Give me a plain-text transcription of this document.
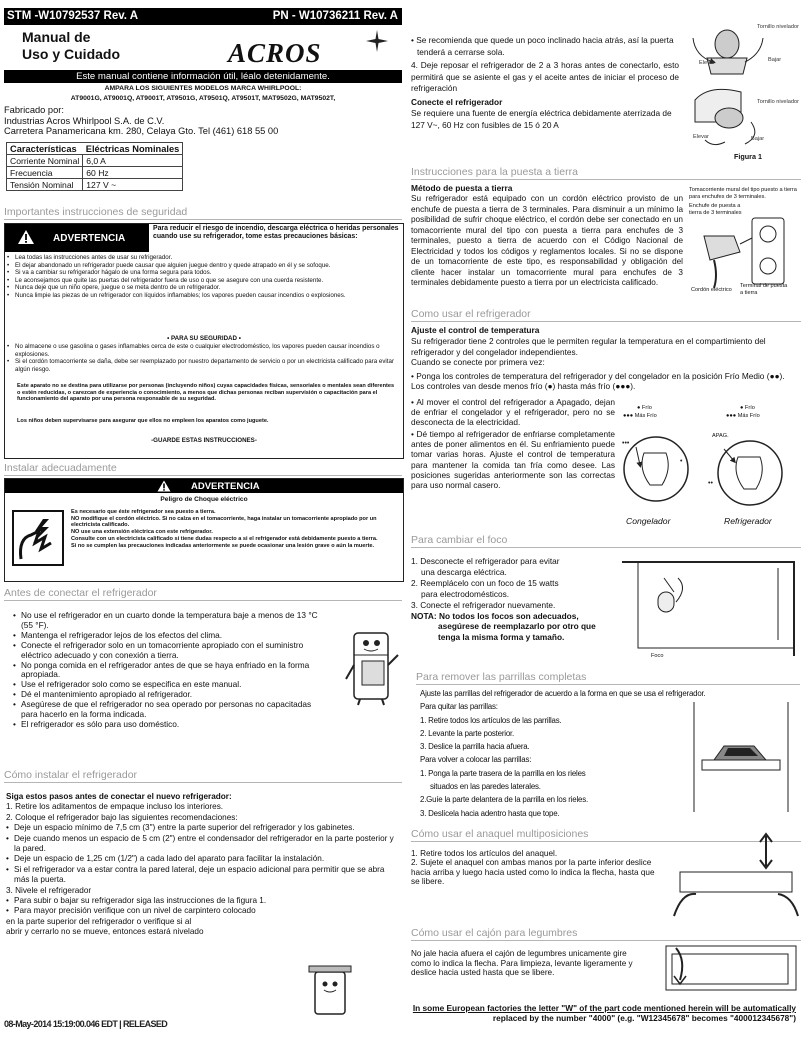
STM -W10792537 Rev. A	PN - W10736211 Rev. A
Manual de
Uso y Cuidado	ACROS
Este manual contiene información útil, léalo detenidamente.
AMPARA LOS SIGUIENTES MODELOS MARCA WHIRLPOOL:
AT9001G, AT9001Q, AT9001T, AT9501G, AT9501Q, AT9501T, MAT9502G, MAT9502T,
Fabricado por:
Industrias Acros Whirlpool S.A. de C.V.
Carretera Panamericana km. 280, Celaya Gto. Tel (461) 618 55 00
Características	Eléctricas Nominales
Corriente Nominal	6,0 A
Frecuencia	60 Hz
Tensión Nominal	127 V ~
Importantes instrucciones de seguridad
ADVERTENCIA
Para reducir el riesgo de incendio, descarga eléctrica o heridas personales cuando use su refrigerador, tome estas precauciones básicas:
• Lea todas las instrucciones antes de usar su refrigerador.
• El dejar abandonado un refrigerador puede causar que alguien juegue dentro y quede atrapado en él y se sofoque.
• Si va a cambiar su refrigerador hágalo de una forma segura para todos.
• Le aconsejamos que quite las puertas del refrigerador fuera de uso o que se asegure con una cuerda resistente.
• Nunca deje que un niño opere, juegue o se meta dentro de un refrigerador.
• Nunca limpie las piezas de un refrigerador con líquidos inflamables; los vapores pueden causar incendios o explosiones.
• PARA SU SEGURIDAD •
• No almacene o use gasolina o gases inflamables cerca de este o cualquier electrodoméstico, los vapores pueden causar incendios o explosiones.
• Si el cordón tomacorriente se daña, debe ser reemplazado por nuestro departamento de servicio o por un electricista calificado para evitar algún riesgo.
Este aparato no se destina para utilizarse por personas (incluyendo niños) cuyas capacidades físicas, sensoriales o mentales sean diferentes o estén reducidas, o carezcan de experiencia o conocimiento, a menos que dichas personas reciban supervisión o capacitación para el funcionamiento del aparato por una persona responsable de su seguridad.
Los niños deben supervisarse para asegurar que ellos no empleen los aparatos como juguete.
-GUARDE ESTAS INSTRUCCIONES-
Instalar adecuadamente
ADVERTENCIA
Peligro de Choque eléctrico
Es necesario que éste refrigerador sea puesto a tierra.
NO modifique el cordón eléctrico. Si no calza en el tomacorriente, haga instalar un tomacorriente apropiado por un electricista calificado.
NO use una extensión eléctrica con este refrigerador.
Consulte con un electricista calificado si tiene dudas respecto a si el refrigerador está debidamente puesto a tierra.
Si no se cumplen las precauciones indicadas anteriormente se puede ocasionar una lesión grave o aún la muerte.
Antes de conectar el refrigerador
• No use el refrigerador en un cuarto donde la temperatura baje a menos de 13 °C (55 °F).
• Mantenga el refrigerador lejos de los efectos del clima.
• Conecte el refrigerador solo en un tomacorriente apropiado con el suministro eléctrico adecuado y con conexión a tierra.
• No ponga comida en el refrigerador antes de que se haya enfriado en la forma apropiada.
• Use el refrigerador solo como se especifica en este manual.
• Dé el mantenimiento apropiado al refrigerador.
• Asegúrese de que el refrigerador no sea operado por personas no capacitadas para hacerlo en la forma indicada.
• El refrigerador es sólo para uso doméstico.
Cómo instalar el refrigerador
Siga estos pasos antes de conectar el nuevo refrigerador:
1. Retire los aditamentos de empaque incluso los interiores.
2. Coloque el refrigerador bajo las siguientes recomendaciones:
• Deje un espacio mínimo de 7,5 cm (3") entre la parte superior del refrigerador y los gabinetes.
• Deje cuando menos un espacio de 5 cm (2") entre el condensador del refrigerador en la parte posterior y la pared.
• Deje un espacio de 1,25 cm (1/2") a cada lado del aparato para facilitar la instalación.
• Si el refrigerador va a estar contra la pared lateral, deje un espacio adicional para permitir que se abra más la puerta.
3. Nivele el refrigerador
• Para subir o bajar su refrigerador siga las instrucciones de la figura 1.
• Para mayor precisión verifique con un nivel de carpintero colocado
en la parte superior del refrigerador o verifique si al
abrir y cerrarlo no se mueve, entonces estará nivelado
• Se recomienda que quede un poco inclinado hacia atrás, así la puerta
tenderá a cerrarse sola.
4. Deje reposar el refrigerador de 2 a 3 horas antes de conectarlo, esto permitirá que se asiente el gas y el aceite antes de iniciar el proceso de refrigeración
Conecte el refrigerador
Se requiere una fuente de energía eléctrica debidamente aterrizada de 127 V~, 60 Hz con fusibles de 15 ó 20 A
Tornillo nivelador
Elevar	Bajar
Tornillo nivelador
Elevar	Bajar
Figura 1
Instrucciones para la puesta a tierra
Método de puesta a tierra
Su refrigerador está equipado con un cordón eléctrico provisto de un enchufe de puesta a tierra de 3 terminales. Para disminuir a un mínimo la posibilidad de sufrir choque eléctrico, el cordón debe ser conectado en un tomacorriente mural del tipo con puesta a tierra para enchufes de 3 terminales, puesto a tierra de acuerdo con el Código Nacional de Electricidad y todos los códigos y reglamentos locales. Si no se dispone de un tomacorriente de este tipo, es responsabilidad y obligación del cliente hacer instalar un tomacorriente mural para enchufes de 3 terminales debidamente puesto a tierra por un electricista calificado.
Tomacorriente mural del tipo puesto a tierra para enchufes de 3 terminales.
Enchufe de puesta a tierra de 3 terminales
Cordón eléctrico
Terminal de puesta a tierra
Como usar el refrigerador
Ajuste el control de temperatura
Su refrigerador tiene 2 controles que le permiten regular la temperatura en el compartimiento del refrigerador y del congelador independientes.
Cuando se conecte por primera vez:
• Ponga los controles de temperatura del refrigerador y del congelador en la posición Frío Medio (●●). Los controles van desde menos frío (●) hasta más frío (●●●).
• Al mover el control del refrigerador a Apagado, dejan de enfriar el congelador y el refrigerador, pero no se desconecta de la electricidad.
• Dé tiempo al refrigerador de enfriarse completamente antes de poner alimentos en él. Su enfriamiento puede tomar varias horas. Ajuste el control de temperatura para mantener la comida tan fría como desee. Las posiciones sugeridas anteriormente son las correctas para uso normal casero.
● Frío
●●● Más Frío
•••
•
Congelador
● Frío
●●● Más Frío
APAG.
••
Refrigerador
Para cambiar el foco
1. Desconecte el refrigerador para evitar
una descarga eléctrica.
2. Reemplácelo con un foco de 15 watts
para electrodomésticos.
3. Conecte el refrigerador nuevamente.
NOTA: No todos los focos son adecuados,
asegúrese de reemplazarlo por otro que
tenga la misma forma y tamaño.
Foco
Para remover las parrillas completas
Ajuste las parrillas del refrigerador de acuerdo a la forma en que se usa el refrigerador.
Para quitar las parrillas:
1. Retire todos los artículos de las parrillas.
2. Levante la parte posterior.
3. Deslice la parrilla hacia afuera.
Para volver a colocar las parrillas:
1. Ponga la parte trasera de la parrilla en los rieles
situados en las paredes laterales.
2.Guíe la parte delantera de la parrilla en los rieles.
3. Deslícela hacia adentro hasta que tope.
Cómo usar el anaquel multiposiciones
1. Retire todos los artículos del anaquel.
2. Sujete el anaquel con ambas manos por la parte inferior deslice hacia arriba y luego hacia usted como lo indica la flecha, hasta que se libere.
Cómo usar el cajón para legumbres
No jale hacia afuera el cajón de legumbres unicamente gire como lo indica la flecha. Para limpieza, levante ligeramente y deslice hacia usted hasta que se libere.
08-May-2014 15:19:00.046 EDT | RELEASED
In some European factories the letter "W" of the part code mentioned herein will be automatically
replaced by the number "4000" (e.g. "W12345678" becomes "400012345678")
